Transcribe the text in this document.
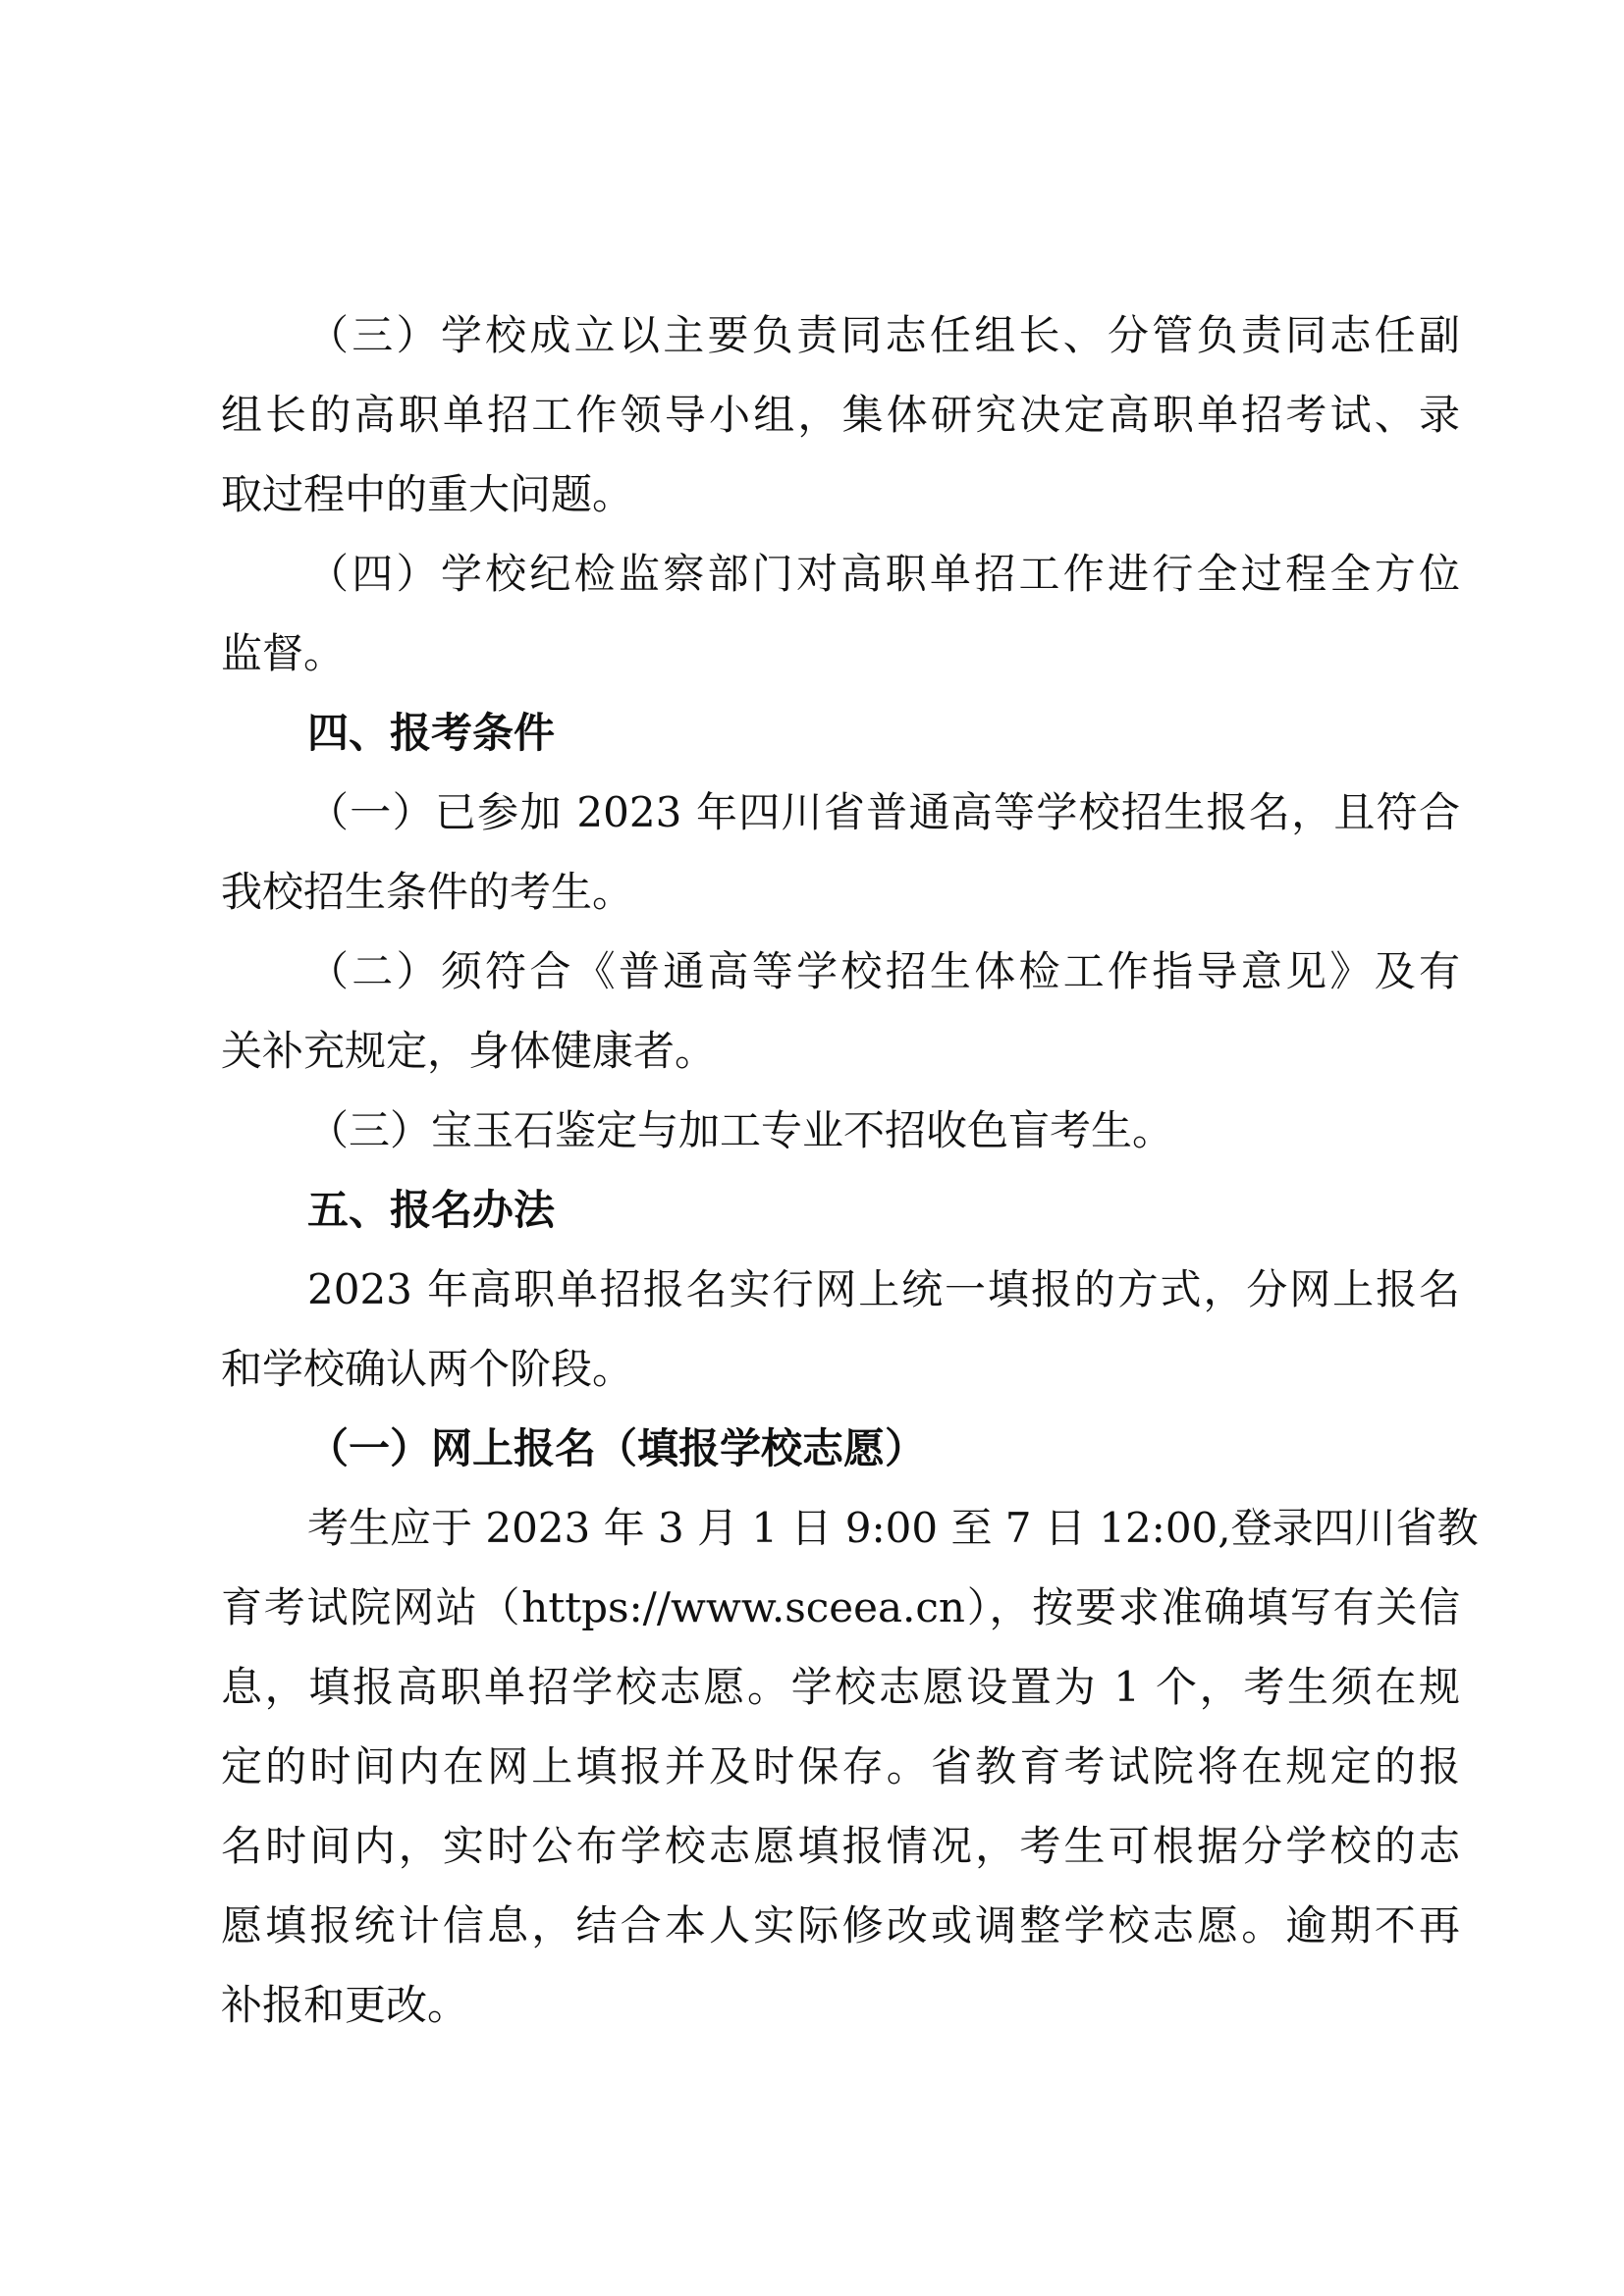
（三）学校成立以主要负责同志任组长、分管负责同志任副
组长的高职单招工作领导小组，集体研究决定高职单招考试、录
取过程中的重大问题。
（四）学校纪检监察部门对高职单招工作进行全过程全方位
监督。
四、报考条件
（一）已参加 2023 年四川省普通高等学校招生报名，且符合
我校招生条件的考生。
（二）须符合《普通高等学校招生体检工作指导意见》及有
关补充规定，身体健康者。
（三）宝玉石鉴定与加工专业不招收色盲考生。
五、报名办法
2023 年高职单招报名实行网上统一填报的方式，分网上报名
和学校确认两个阶段。
（一）网上报名（填报学校志愿）
考生应于 2023 年 3 月 1 日 9:00 至 7 日 12:00,登录四川省教
育考试院网站（https://www.sceea.cn），按要求准确填写有关信
息，填报高职单招学校志愿。学校志愿设置为 1 个，考生须在规
定的时间内在网上填报并及时保存。省教育考试院将在规定的报
名时间内，实时公布学校志愿填报情况，考生可根据分学校的志
愿填报统计信息，结合本人实际修改或调整学校志愿。逾期不再
补报和更改。
